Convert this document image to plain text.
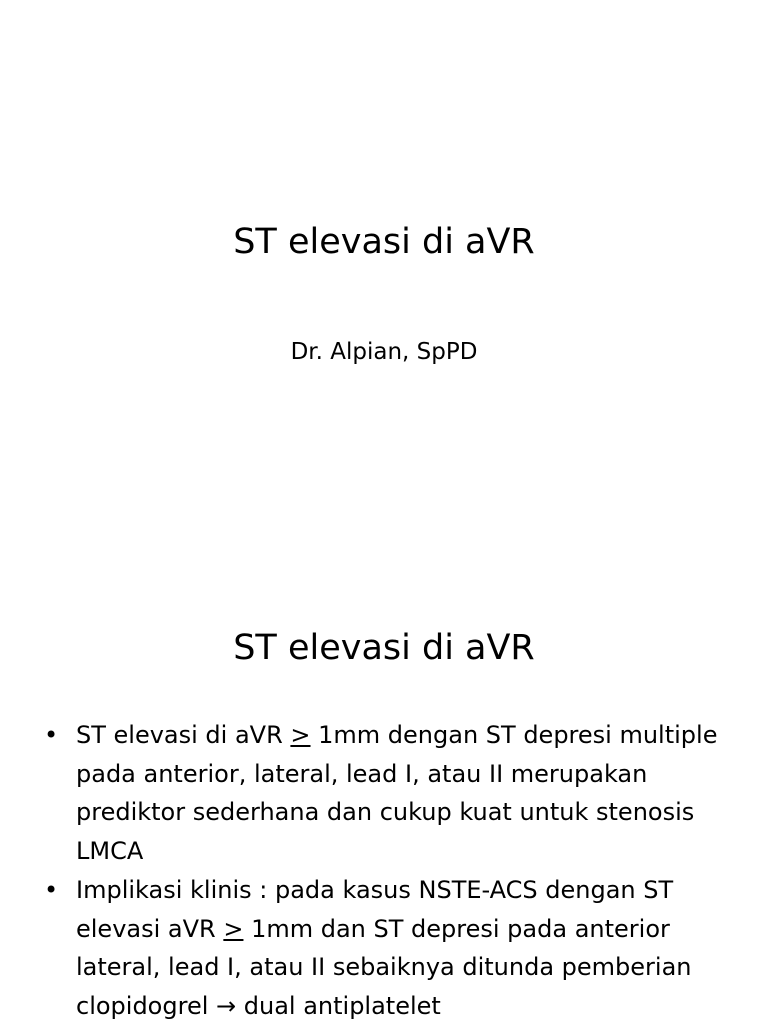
ST elevasi di aVR

Dr. Alpian, SpPD

ST elevasi di aVR
• ST elevasi di aVR ≥ 1mm dengan ST depresi multiple pada anterior, lateral, lead I, atau II merupakan prediktor sederhana dan cukup kuat untuk stenosis LMCA
• Implikasi klinis : pada kasus NSTE-ACS dengan ST elevasi aVR ≥ 1mm dan ST depresi pada anterior lateral, lead I, atau II sebaiknya ditunda pemberian clopidogrel → dual antiplatelet
